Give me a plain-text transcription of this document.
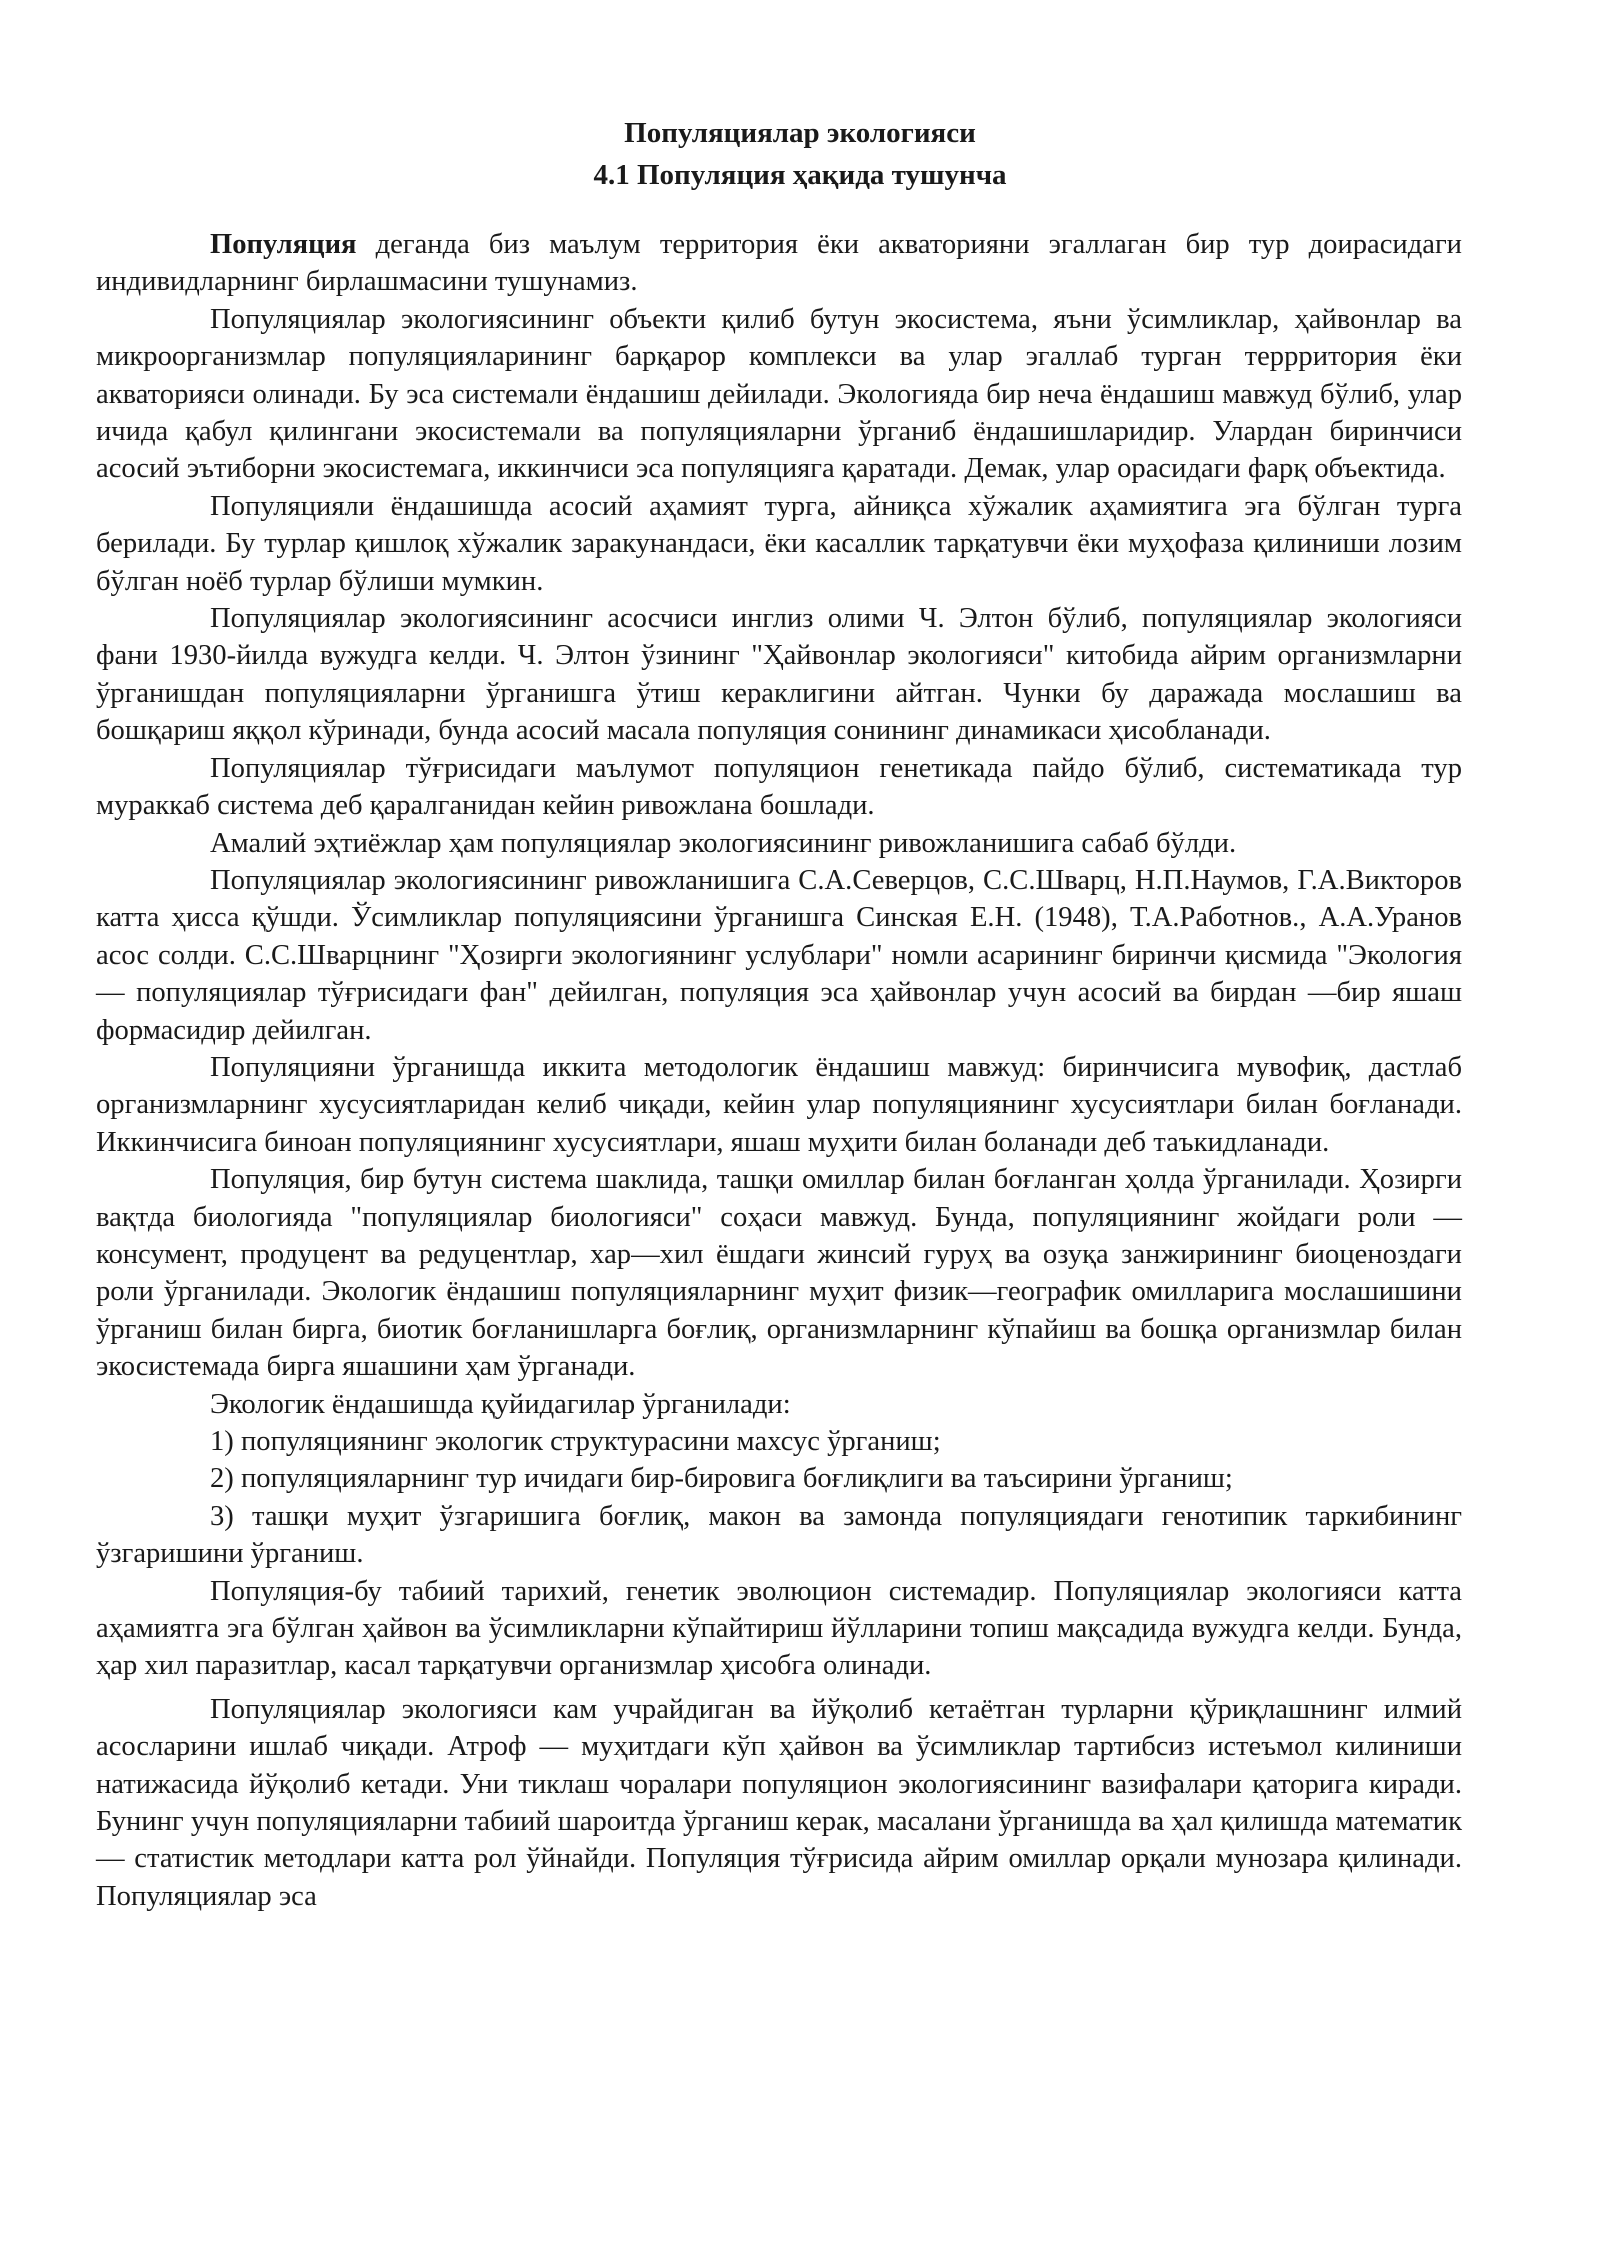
Популяциялар экологияси

4.1 Популяция ҳақида тушунча

Популяция деганда биз маълум территория ёки акваторияни эгаллаган бир тур доирасидаги индивидларнинг бирлашмасини тушунамиз.

Популяциялар экологиясининг объекти қилиб бутун экосистема, яъни ўсимликлар, ҳайвонлар ва микроорганизмлар популяцияларининг барқарор комплекси ва улар эгаллаб турган террритория ёки акваторияси олинади. Бу эса системали ёндашиш дейилади. Экологияда бир неча ёндашиш мавжуд бўлиб, улар ичида қабул қилингани экосистемали ва популяцияларни ўрганиб ёндашишларидир. Улардан биринчиси асосий эътиборни экосистемага, иккинчиси эса популяцияга қаратади. Демак, улар орасидаги фарқ объектида.

Популяцияли ёндашишда асосий аҳамият турга, айниқса хўжалик аҳамиятига эга бўлган турга берилади. Бу турлар қишлоқ хўжалик заракунандаси, ёки касаллик тарқатувчи ёки муҳофаза қилиниши лозим бўлган ноёб турлар бўлиши мумкин.

Популяциялар экологиясининг асосчиси инглиз олими Ч. Элтон бўлиб, популяциялар экологияси фани 1930-йилда вужудга келди. Ч. Элтон ўзининг "Ҳайвонлар экологияси" китобида айрим организмларни ўрганишдан популяцияларни ўрганишга ўтиш кераклигини айтган. Чунки бу даражада мослашиш ва бошқариш яққол кўринади, бунда асосий масала популяция сонининг динамикаси ҳисобланади.

Популяциялар тўғрисидаги маълумот популяцион генетикада пайдо бўлиб, систематикада тур мураккаб система деб қаралганидан кейин ривожлана бошлади.

Амалий эҳтиёжлар ҳам популяциялар экологиясининг ривожланишига сабаб бўлди.

Популяциялар экологиясининг ривожланишига С.А.Северцов, С.С.Шварц, Н.П.Наумов, Г.А.Викторов катта ҳисса қўшди. Ўсимликлар популяциясини ўрганишга Синская Е.Н. (1948), Т.А.Работнов., А.А.Уранов асос солди. С.С.Шварцнинг "Ҳозирги экологиянинг услублари" номли асарининг биринчи қисмида "Экология— популяциялар тўғрисидаги фан" дейилган, популяция эса ҳайвонлар учун асосий ва бирдан —бир яшаш формасидир дейилган.

Популяцияни ўрганишда иккита методологик ёндашиш мавжуд: биринчисига мувофиқ, дастлаб организмларнинг хусусиятларидан келиб чиқади, кейин улар популяциянинг хусусиятлари билан боғланади. Иккинчисига биноан популяциянинг хусусиятлари, яшаш муҳити билан боланади деб таъкидланади.

Популяция, бир бутун система шаклида, ташқи омиллар билан боғланган ҳолда ўрганилади. Ҳозирги вақтда биологияда "популяциялар биологияси" соҳаси мавжуд. Бунда, популяциянинг жойдаги роли — консумент, продуцент ва редуцентлар, хар—хил ёшдаги жинсий гуруҳ ва озуқа занжирининг биоценоздаги роли ўрганилади. Экологик ёндашиш популяцияларнинг муҳит физик—географик омилларига мослашишини ўрганиш билан бирга, биотик боғланишларга боғлиқ, организмларнинг кўпайиш ва бошқа организмлар билан экосистемада бирга яшашини ҳам ўрганади.

Экологик ёндашишда қуйидагилар ўрганилади:

1) популяциянинг экологик структурасини махсус ўрганиш;

2) популяцияларнинг тур ичидаги бир-бировига боғлиқлиги ва таъсирини ўрганиш;

3) ташқи муҳит ўзгаришига боғлиқ, макон ва замонда популяциядаги генотипик таркибининг ўзгаришини ўрганиш.

Популяция-бу табиий тарихий, генетик эволюцион системадир. Популяциялар экологияси катта аҳамиятга эга бўлган ҳайвон ва ўсимликларни кўпайтириш йўлларини топиш мақсадида вужудга келди. Бунда, ҳар хил паразитлар, касал тарқатувчи организмлар ҳисобга олинади.

Популяциялар экологияси кам учрайдиган ва йўқолиб кетаётган турларни қўриқлашнинг илмий асосларини ишлаб чиқади. Атроф — муҳитдаги кўп ҳайвон ва ўсимликлар тартибсиз истеъмол килиниши натижасида йўқолиб кетади. Уни тиклаш чоралари популяцион экологиясининг вазифалари қаторига киради. Бунинг учун популяцияларни табиий шароитда ўрганиш керак, масалани ўрганишда ва ҳал қилишда математик — статистик методлари катта рол ўйнайди. Популяция тўғрисида айрим омиллар орқали мунозара қилинади. Популяциялар эса
